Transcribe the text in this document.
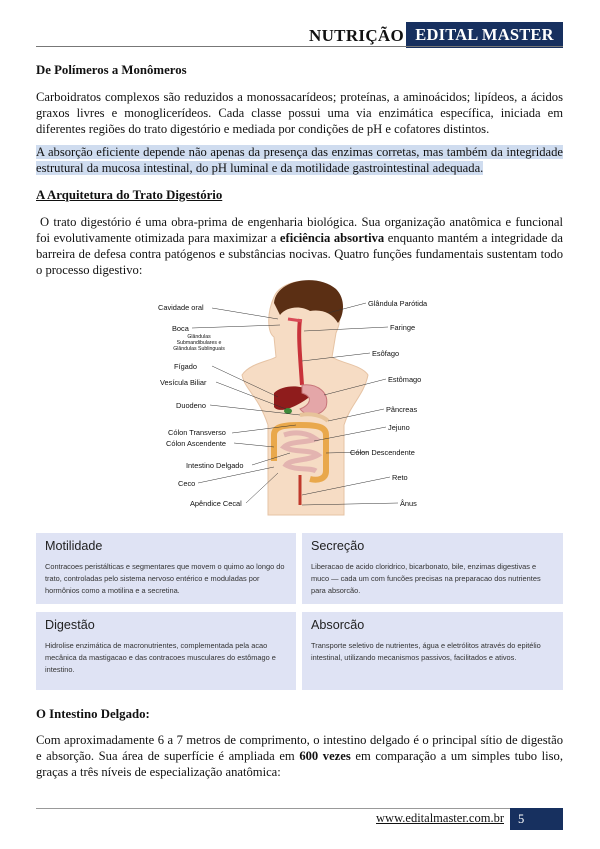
NUTRIÇÃO EDITAL MASTER
De Polímeros a Monômeros
Carboidratos complexos são reduzidos a monossacarídeos; proteínas, a aminoácidos; lipídeos, a ácidos graxos livres e monoglicerídeos. Cada classe possui uma via enzimática específica, iniciada em diferentes regiões do trato digestório e mediada por condições de pH e cofatores distintos.
A absorção eficiente depende não apenas da presença das enzimas corretas, mas também da integridade estrutural da mucosa intestinal, do pH luminal e da motilidade gastrointestinal adequada.
A Arquitetura do Trato Digestório
O trato digestório é uma obra-prima de engenharia biológica. Sua organização anatômica e funcional foi evolutivamente otimizada para maximizar a eficiência absortiva enquanto mantém a integridade da barreira de defesa contra patógenos e substâncias nocivas. Quatro funções fundamentais sustentam todo o processo digestivo:
Cavidade oral
Boca
Glândulas
Submandibulares e
Glândulas Sublinguais
Fígado
Vesícula Biliar
Duodeno
Cólon Transverso
Cólon Ascendente
Intestino Delgado
Ceco
Apêndice Cecal
Glândula Parótida
Faringe
Esôfago
Estômago
Pâncreas
Jejuno
Cólon Descendente
Reto
Ânus
Motilidade
Contracoes peristálticas e segmentares que movem o quimo ao longo do trato, controladas pelo sistema nervoso entérico e moduladas por hormônios como a motilina e a secretina.
Secreção
Liberacao de acido cloridrico, bicarbonato, bile, enzimas digestivas e muco — cada um com funcões precisas na preparacao dos nutrientes para absorcão.
Digestão
Hidrolise enzimática de macronutrientes, complementada pela acao mecânica da mastigacao e das contracoes musculares do estômago e intestino.
Absorcão
Transporte seletivo de nutrientes, água e eletrólitos através do epitélio intestinal, utilizando mecanismos passivos, facilitados e ativos.
O Intestino Delgado:
Com aproximadamente 6 a 7 metros de comprimento, o intestino delgado é o principal sítio de digestão e absorção. Sua área de superfície é ampliada em 600 vezes em comparação a um simples tubo liso, graças a três níveis de especialização anatômica:
www.editalmaster.com.br	5
